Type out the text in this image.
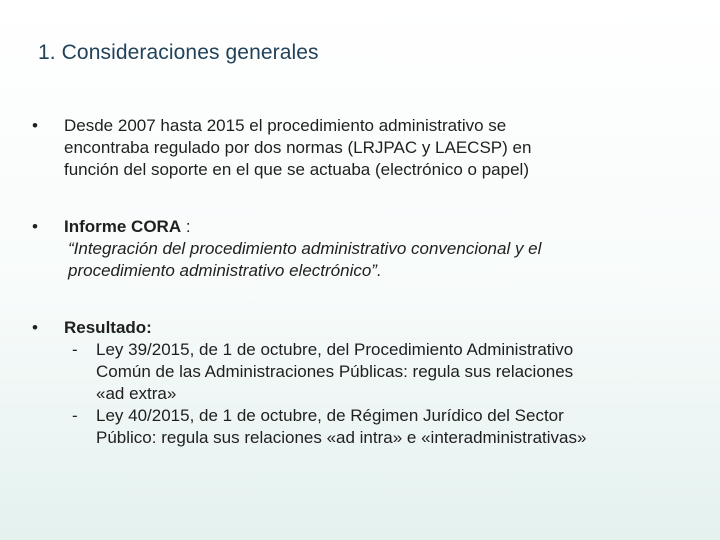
1. Consideraciones generales
•	Desde 2007 hasta 2015 el procedimiento administrativo se
encontraba regulado por dos normas (LRJPAC y LAECSP) en
función del soporte en el que se actuaba (electrónico o papel)
•	Informe CORA :
“Integración del procedimiento administrativo convencional y el
procedimiento administrativo electrónico”.
•	Resultado:
- Ley 39/2015, de 1 de octubre, del Procedimiento Administrativo
Común de las Administraciones Públicas: regula sus relaciones
«ad extra»
- Ley 40/2015, de 1 de octubre, de Régimen Jurídico del Sector
Público: regula sus relaciones «ad intra» e «interadministrativas»
